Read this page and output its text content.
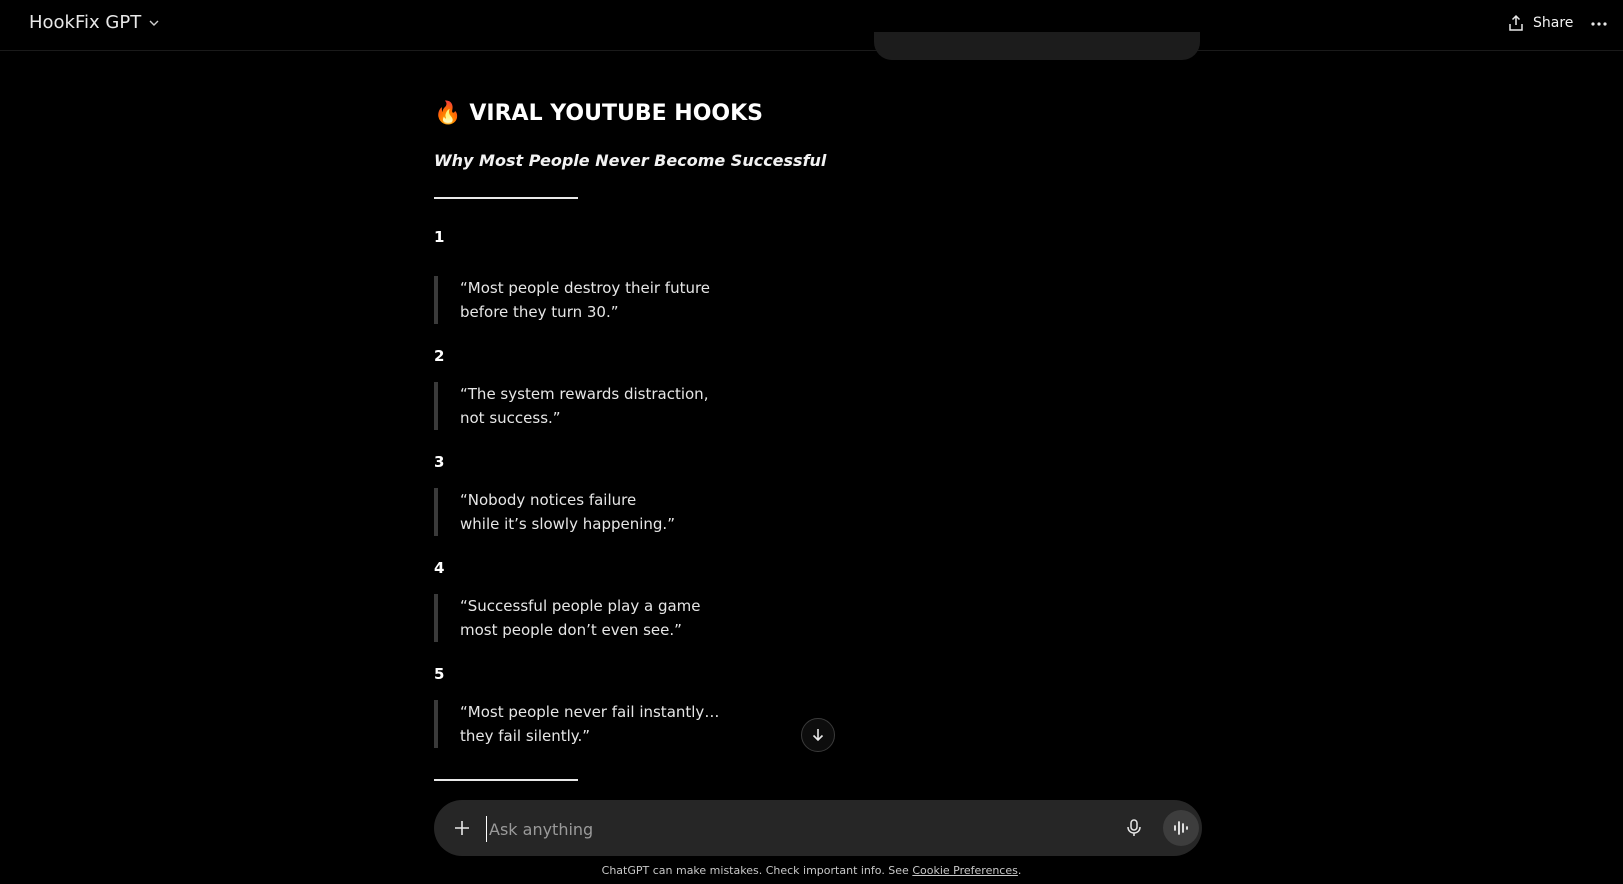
HookFix GPT	Share
🔥 VIRAL YOUTUBE HOOKS
Why Most People Never Become Successful
1
“Most people destroy their future
before they turn 30.”
2
“The system rewards distraction,
not success.”
3
“Nobody notices failure
while it’s slowly happening.”
4
“Successful people play a game
most people don’t even see.”
5
“Most people never fail instantly…
they fail silently.”
Ask anything
ChatGPT can make mistakes. Check important info. See Cookie Preferences.
